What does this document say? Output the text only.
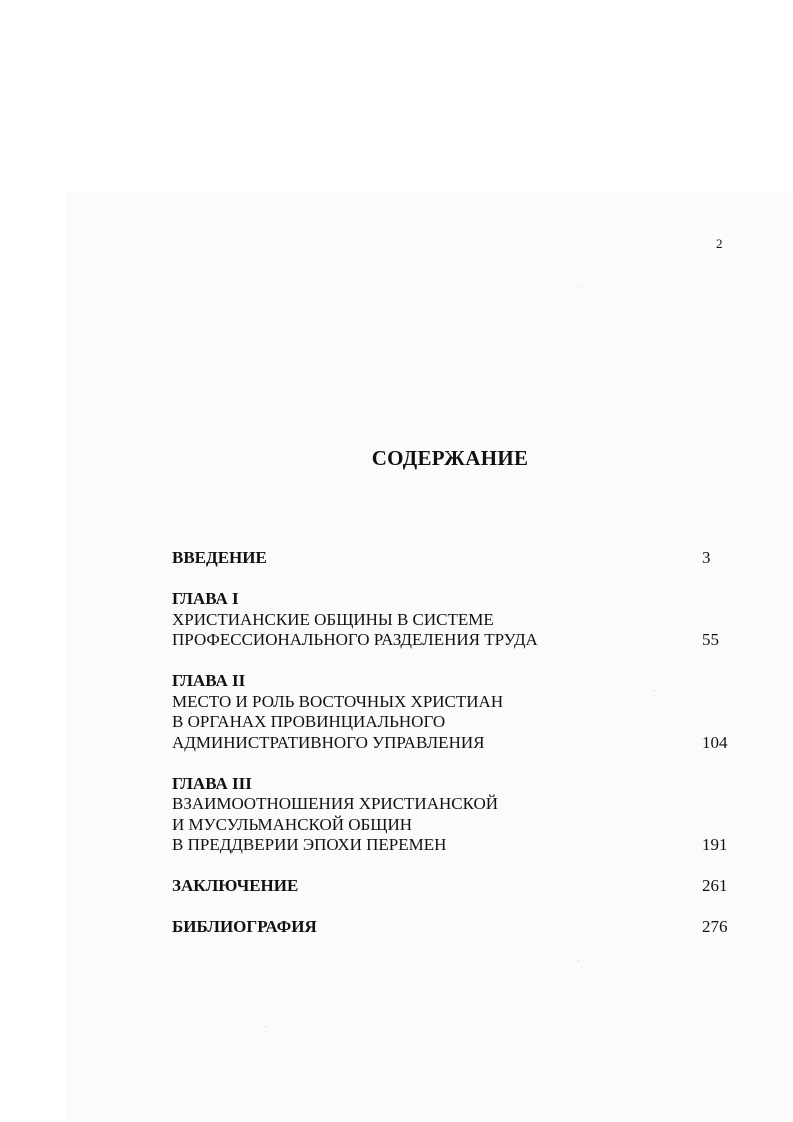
2
СОДЕРЖАНИЕ
ВВЕДЕНИЕ	3
ГЛАВА I
ХРИСТИАНСКИЕ ОБЩИНЫ В СИСТЕМЕ
ПРОФЕССИОНАЛЬНОГО РАЗДЕЛЕНИЯ ТРУДА	55
ГЛАВА II
МЕСТО И РОЛЬ ВОСТОЧНЫХ ХРИСТИАН
В ОРГАНАХ ПРОВИНЦИАЛЬНОГО
АДМИНИСТРАТИВНОГО УПРАВЛЕНИЯ	104
ГЛАВА III
ВЗАИМООТНОШЕНИЯ ХРИСТИАНСКОЙ
И МУСУЛЬМАНСКОЙ ОБЩИН
В ПРЕДДВЕРИИ ЭПОХИ ПЕРЕМЕН	191
ЗАКЛЮЧЕНИЕ	261
БИБЛИОГРАФИЯ	276
